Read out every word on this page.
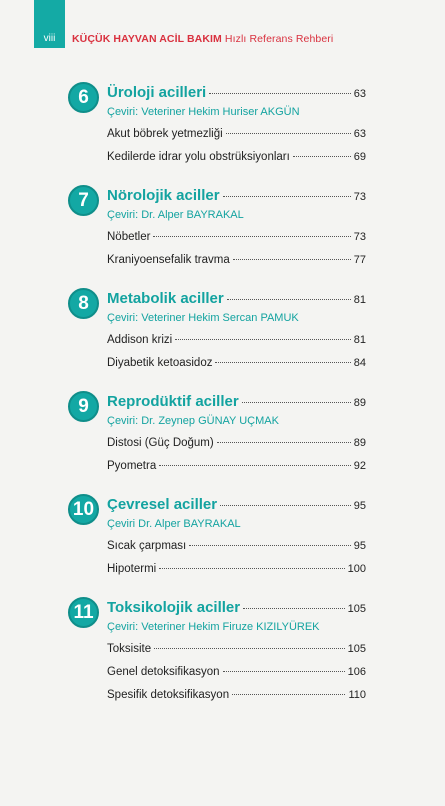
viii	KÜÇÜK HAYVAN ACİL BAKIM Hızlı Referans Rehberi
6	Üroloji acilleri	63
Çeviri: Veteriner Hekim Huriser AKGÜN
Akut böbrek yetmezliği	63
Kedilerde idrar yolu obstrüksiyonları	69
7	Nörolojik aciller	73
Çeviri: Dr. Alper BAYRAKAL
Nöbetler	73
Kraniyoensefalik travma	77
8	Metabolik aciller	81
Çeviri: Veteriner Hekim Sercan PAMUK
Addison krizi	81
Diyabetik ketoasidoz	84
9	Reprodüktif aciller	89
Çeviri: Dr. Zeynep GÜNAY UÇMAK
Distosi (Güç Doğum)	89
Pyometra	92
10 Çevresel aciller	95
Çeviri Dr. Alper BAYRAKAL
Sıcak çarpması	95
Hipotermi	100
11 Toksikolojik aciller	105
Çeviri: Veteriner Hekim Firuze KIZILYÜREK
Toksisite	105
Genel detoksifikasyon	106
Spesifik detoksifikasyon	110
